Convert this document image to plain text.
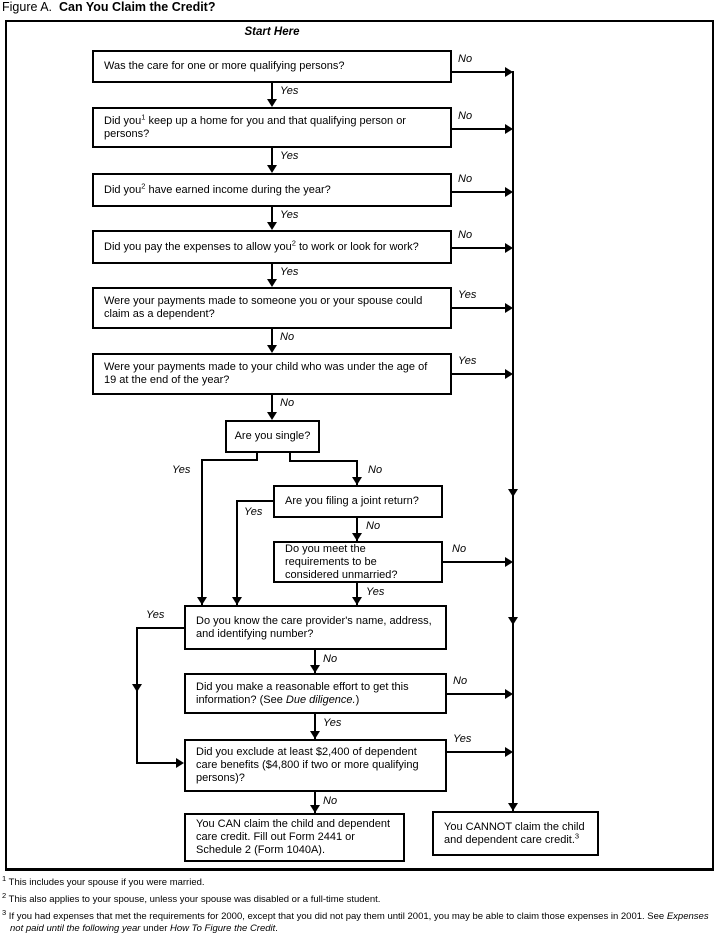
Figure A. Can You Claim the Credit?
Start Here
Was the care for one or more qualifying persons?
Did you$^1$ keep up a home for you and that qualifying person or persons?
Did you$^2$ have earned income during the year?
Did you pay the expenses to allow you$^2$ to work or look for work?
Were your payments made to someone you or your spouse could claim as a dependent?
Were your payments made to your child who was under the age of 19 at the end of the year?
Are you single?
Are you filing a joint return?
Do you meet the requirements to be considered unmarried?
Do you know the care provider's name, address, and identifying number?
Did you make a reasonable effort to get this information? (See Due diligence.)
Did you exclude at least $2,400 of dependent care benefits ($4,800 if two or more qualifying persons)?
You CAN claim the child and dependent care credit. Fill out Form 2441 or Schedule 2 (Form 1040A).
You CANNOT claim the child and dependent care credit.$^3$
Yes
Yes
Yes
Yes
No
No
No
No
No
No
Yes
Yes
No
No
Yes
Yes	No
Yes
No
Yes
Yes
No
Yes
No
$^1$ This includes your spouse if you were married.
$^2$ This also applies to your spouse, unless your spouse was disabled or a full-time student.
$^3$ If you had expenses that met the requirements for 2000, except that you did not pay them until 2001, you may be able to claim those expenses in 2001. See Expenses not paid until the following year under How To Figure the Credit.
